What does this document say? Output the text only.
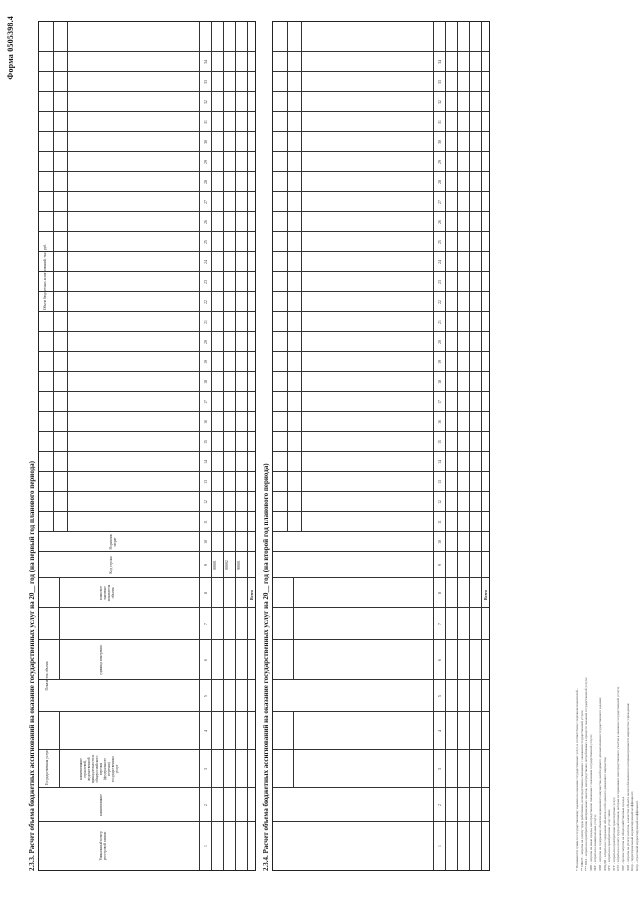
Форма 0505398.4
2.3.3. Расчет объема бюджетных ассигнований на оказание государственных услуг на 20__ год (на первый год планового периода)	1
2
3
4
5
6
7
8
9
10
11
12
13
14
15
16
17
18
19
20
21
22
23
24
25
26
27
28
29
30
31
32
33
34
Уникальный номер реестровой записи
Государственная услуга
наименование
наименование отраслевой, ведомственной принадлежности и общероссийского перечня (федерального перечня) государственных услуг
Показатель объема
единица измерения
плановое значение показателя объема
Код строки
Норматив затрат
Объем бюджетных ассигнований, тыс. руб.
00001 00002 90001
Всего 2.3.4. Расчет объема бюджетных ассигнований на оказание государственных услуг на 20__ год (на второй год планового периода)	1
2
3
4
5
6
7
8
9
10
11
12
13
14
15
16
17
18
19
20
21
22
23
24
25
26
27
28
29
30
31
32
33
34
Всего
* Указываются сумма по государственному заданию на оказание государственных услуг, в соответствии с перечнем показателей... ** ОФОТ - затраты на оплату труда работников, непосредственно связанных с оказанием государственной услуги; *** ЗМЗ - затраты на приобретение материальных запасов, непосредственно потребляемых в процессе оказания государственной услуги; ЗИН - затраты на иные нужды, непосредственно связанные с оказанием государственной услуги; ЗКУ - затраты на коммунальные услуги; ЗНИ - затраты на содержание объектов недвижимого имущества, необходимого для выполнения государственного задания; ЗОЦДИ - затраты на содержание объектов особо ценного движимого имущества; ЗУС - затраты на приобретение услуг связи; ЗТУ - затраты на приобретение транспортных услуг; ОТ2 - затраты на оплату труда работников, которые не принимают непосредственного участия в оказании государственной услуги; ЗПР - прочие затраты на общехозяйственные нужды; ЗОН - затраты на уплату налогов, в качестве объекта налогообложения по которым признается имущество учреждения; Ктер - территориальный корректирующий коэффициент; Котр - отраслевой корректирующий коэффициент.
